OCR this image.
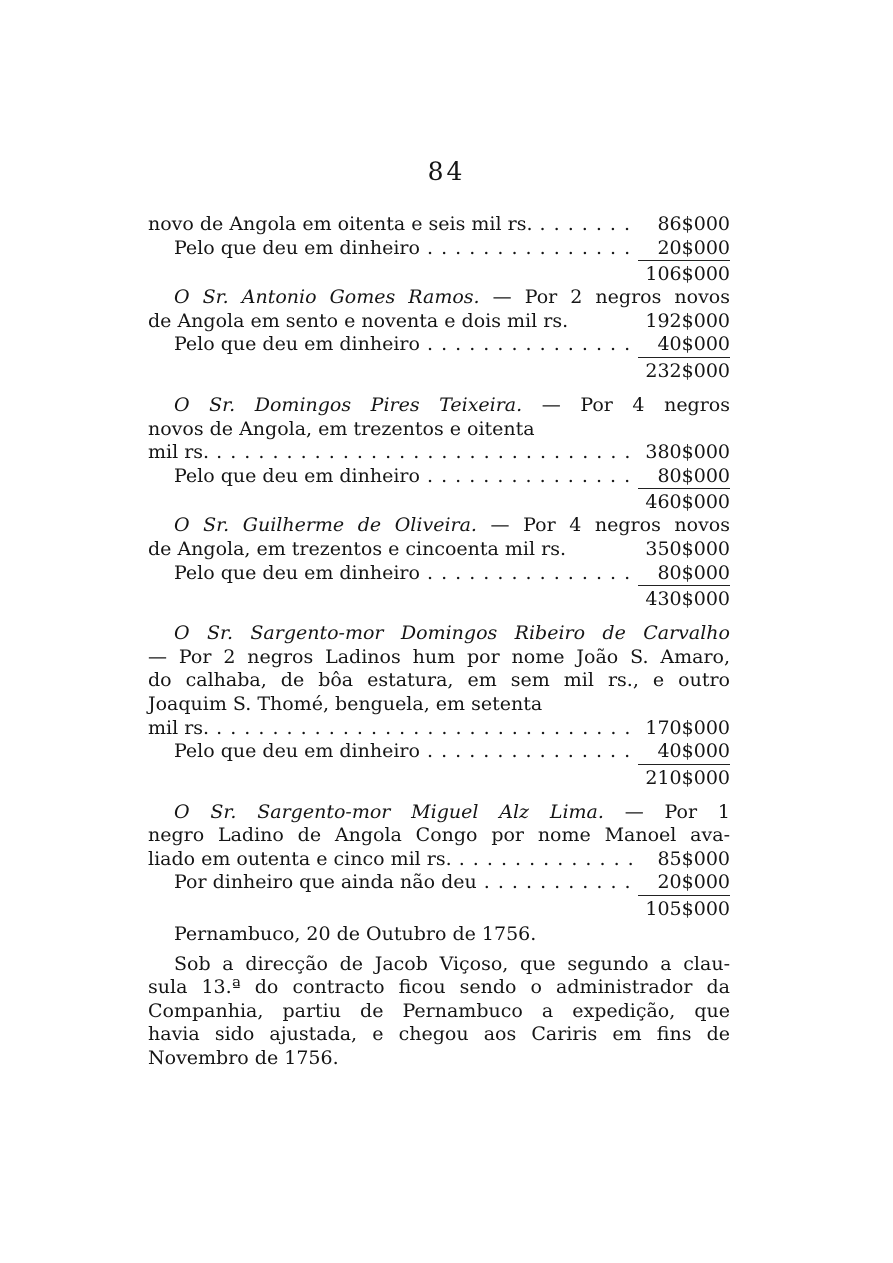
84
novo de Angola em oitenta e seis mil rs. . . .	86$000
Pelo que deu em dinheiro . . .	20$000
106$000
O Sr. Antonio Gomes Ramos. — Por 2 negros novos
de Angola em sento e noventa e dois mil rs.	192$000
Pelo que deu em dinheiro . . .	40$000
232$000
O Sr. Domingos Pires Teixeira. — Por 4 negros
novos de Angola, em trezentos e oitenta
mil rs. . . .	380$000
Pelo que deu em dinheiro . . .	80$000
460$000
O Sr. Guilherme de Oliveira. — Por 4 negros novos
de Angola, em trezentos e cincoenta mil rs.	350$000
Pelo que deu em dinheiro . . .	80$000
430$000
O Sr. Sargento-mor Domingos Ribeiro de Carvalho
— Por 2 negros Ladinos hum por nome João S. Amaro,
do calhaba, de bôa estatura, em sem mil rs., e outro
Joaquim S. Thomé, benguela, em setenta
mil rs. . . .	170$000
Pelo que deu em dinheiro . . .	40$000
210$000
O Sr. Sargento-mor Miguel Alz Lima. — Por 1
negro Ladino de Angola Congo por nome Manoel ava-
liado em outenta e cinco mil rs. . . .	85$000
Por dinheiro que ainda não deu . . .	20$000
105$000
Pernambuco, 20 de Outubro de 1756.
Sob a direcção de Jacob Viçoso, que segundo a clau-
sula 13.ª do contracto ficou sendo o administrador da
Companhia, partiu de Pernambuco a expedição, que
havia sido ajustada, e chegou aos Cariris em fins de
Novembro de 1756.
